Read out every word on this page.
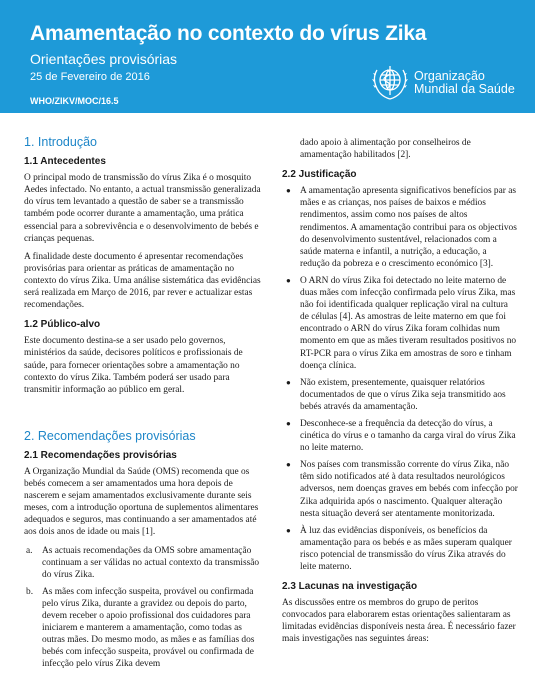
Amamentação no contexto do vírus Zika
Orientações provisórias
25 de Fevereiro de 2016
WHO/ZIKV/MOC/16.5
Organização
Mundial da Saúde
1. Introdução
1.1 Antecedentes
O principal modo de transmissão do vírus Zika é o mosquito Aedes infectado. No entanto, a actual transmissão generalizada do vírus tem levantado a questão de saber se a transmissão também pode ocorrer durante a amamentação, uma prática essencial para a sobrevivência e o desenvolvimento de bebés e crianças pequenas.
A finalidade deste documento é apresentar recomendações provisórias para orientar as práticas de amamentação no contexto do vírus Zika. Uma análise sistemática das evidências será realizada em Março de 2016, par rever e actualizar estas recomendações.
1.2 Público-alvo
Este documento destina-se a ser usado pelo governos, ministérios da saúde, decisores políticos e profissionais de saúde, para fornecer orientações sobre a amamentação no contexto do vírus Zika. Também poderá ser usado para transmitir informação ao público em geral.
2. Recomendações provisórias
2.1 Recomendações provisórias
A Organização Mundial da Saúde (OMS) recomenda que os bebés comecem a ser amamentados uma hora depois de nascerem e sejam amamentados exclusivamente durante seis meses, com a introdução oportuna de suplementos alimentares adequados e seguros, mas continuando a ser amamentados até aos dois anos de idade ou mais [1].
a. As actuais recomendações da OMS sobre amamentação continuam a ser válidas no actual contexto da transmissão do vírus Zika.
b. As mães com infecção suspeita, provável ou confirmada pelo vírus Zika, durante a gravidez ou depois do parto, devem receber o apoio profissional dos cuidadores para iniciarem e manterem a amamentação, como todas as outras mães. Do mesmo modo, as mães e as famílias dos bebés com infecção suspeita, provável ou confirmada de infecção pelo vírus Zika devem
dado apoio à alimentação por conselheiros de amamentação habilitados [2].
2.2 Justificação
● A amamentação apresenta significativos benefícios par as mães e as crianças, nos países de baixos e médios rendimentos, assim como nos países de altos rendimentos. A amamentação contribui para os objectivos do desenvolvimento sustentável, relacionados com a saúde materna e infantil, a nutrição, a educação, a redução da pobreza e o crescimento económico [3].
● O ARN do vírus Zika foi detectado no leite materno de duas mães com infecção confirmada pelo vírus Zika, mas não foi identificada qualquer replicação viral na cultura de células [4]. As amostras de leite materno em que foi encontrado o ARN do vírus Zika foram colhidas num momento em que as mães tiveram resultados positivos no RT-PCR para o vírus Zika em amostras de soro e tinham doença clínica.
● Não existem, presentemente, quaisquer relatórios documentados de que o vírus Zika seja transmitido aos bebés através da amamentação.
● Desconhece-se a frequência da detecção do vírus, a cinética do vírus e o tamanho da carga viral do vírus Zika no leite materno.
● Nos países com transmissão corrente do vírus Zika, não têm sido notificados até à data resultados neurológicos adversos, nem doenças graves em bebés com infecção por Zika adquirida após o nascimento. Qualquer alteração nesta situação deverá ser atentamente monitorizada.
● À luz das evidências disponíveis, os benefícios da amamentação para os bebés e as mães superam qualquer risco potencial de transmissão do vírus Zika através do leite materno.
2.3 Lacunas na investigação
As discussões entre os membros do grupo de peritos convocados para elaborarem estas orientações salientaram as limitadas evidências disponíveis nesta área. É necessário fazer mais investigações nas seguintes áreas:
